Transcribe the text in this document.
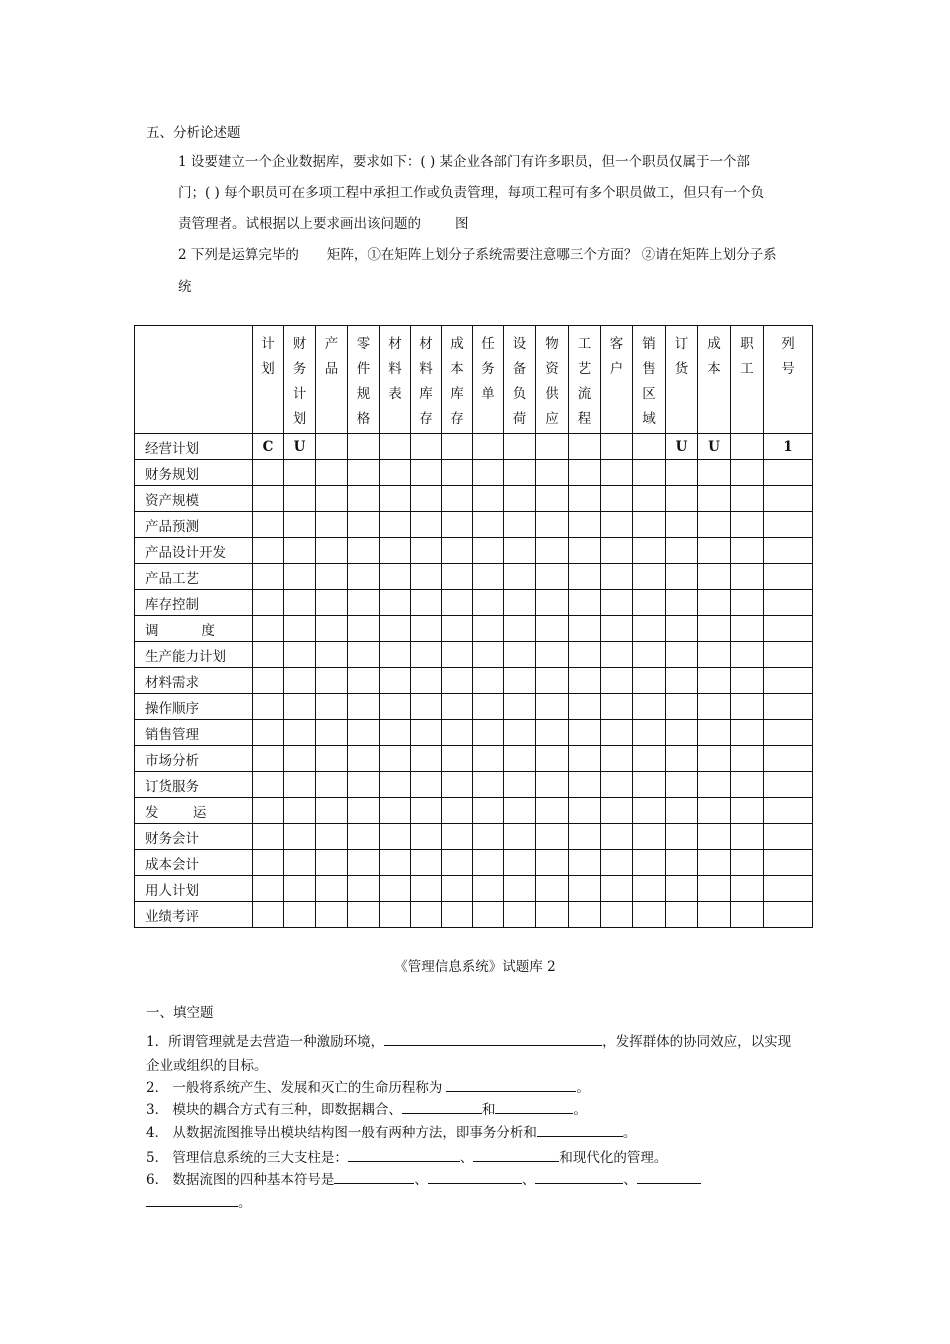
五、分析论述题
1 设要建立一个企业数据库，要求如下：( ) 某企业各部门有许多职员，但一个职员仅属于一个部
门；( ) 每个职员可在多项工程中承担工作或负责管理，每项工程可有多个职员做工，但只有一个负
责管理者。试根据以上要求画出该问题的	图
2 下列是运算完毕的 矩阵，①在矩阵上划分子系统需要注意哪三个方面？ ②请在矩阵上划分子系
统

	计划	财务计划	产品	零件规格	材料表	材料库存	成本库存	任务单	设备负荷	物资供应	工艺流程	客户	销售区域	订货	成本	职工	列号

经营计划	C	U												U	U		1
财务规划																	
资产规模																	
产品预测																	
产品设计开发																	
产品工艺																	
库存控制																	
调          度																	
生产能力计划																	
材料需求																	
操作顺序																	
销售管理																	
市场分析																	
订货服务																	
发        运																	
财务会计																	
成本会计																	
用人计划																	
业绩考评																	
《管理信息系统》试题库 2
一、填空题
1．所谓管理就是去营造一种激励环境，	，发挥群体的协同效应，以实现
企业或组织的目标。
2． 一般将系统产生、发展和灭亡的生命历程称为	。
3． 模块的耦合方式有三种，即数据耦合、	和	。
4． 从数据流图推导出模块结构图一般有两种方法，即事务分析和	。
5． 管理信息系统的三大支柱是：	、	和现代化的管理。
6． 数据流图的四种基本符号是	、	、	、
。
